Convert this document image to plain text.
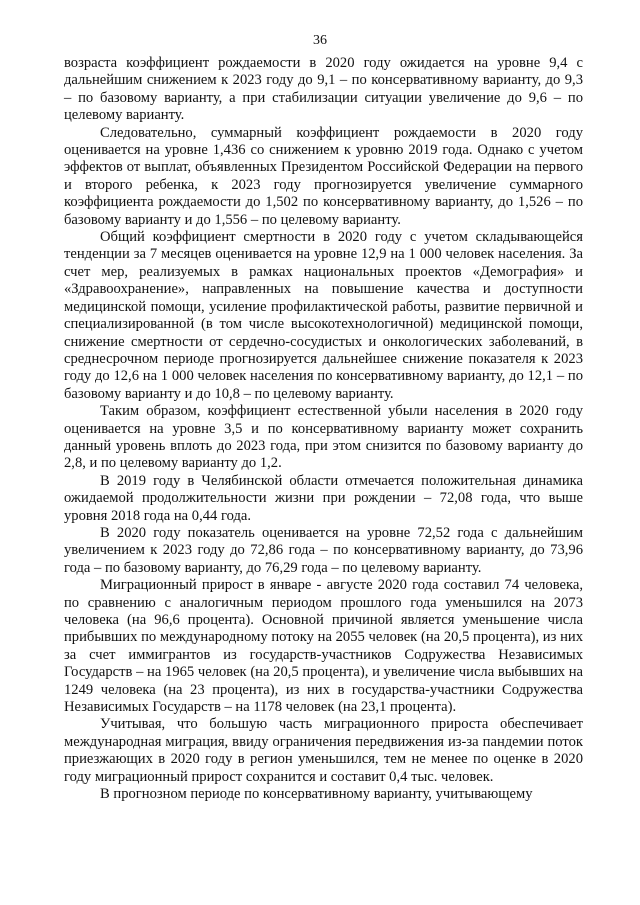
36

возраста коэффициент рождаемости в 2020 году ожидается на уровне 9,4 с дальнейшим снижением к 2023 году до 9,1 – по консервативному варианту, до 9,3 – по базовому варианту, а при стабилизации ситуации увеличение до 9,6 – по целевому варианту.

Следовательно, суммарный коэффициент рождаемости в 2020 году оценивается на уровне 1,436 со снижением к уровню 2019 года. Однако с учетом эффектов от выплат, объявленных Президентом Российской Федерации на первого и второго ребенка, к 2023 году прогнозируется увеличение суммарного коэффициента рождаемости до 1,502 по консервативному варианту, до 1,526 – по базовому варианту и до 1,556 – по целевому варианту.

Общий коэффициент смертности в 2020 году с учетом складывающейся тенденции за 7 месяцев оценивается на уровне 12,9 на 1 000 человек населения. За счет мер, реализуемых в рамках национальных проектов «Демография» и «Здравоохранение», направленных на повышение качества и доступности медицинской помощи, усиление профилактической работы, развитие первичной и специализированной (в том числе высокотехнологичной) медицинской помощи, снижение смертности от сердечно-сосудистых и онкологических заболеваний, в среднесрочном периоде прогнозируется дальнейшее снижение показателя к 2023 году до 12,6 на 1 000 человек населения по консервативному варианту, до 12,1 – по базовому варианту и до 10,8 – по целевому варианту.

Таким образом, коэффициент естественной убыли населения в 2020 году оценивается на уровне 3,5 и по консервативному варианту может сохранить данный уровень вплоть до 2023 года, при этом снизится по базовому варианту до 2,8, и по целевому варианту до 1,2.

В 2019 году в Челябинской области отмечается положительная динамика ожидаемой продолжительности жизни при рождении – 72,08 года, что выше уровня 2018 года на 0,44 года.

В 2020 году показатель оценивается на уровне 72,52 года с дальнейшим увеличением к 2023 году до 72,86 года – по консервативному варианту, до 73,96 года – по базовому варианту, до 76,29 года – по целевому варианту.

Миграционный прирост в январе - августе 2020 года составил 74 человека, по сравнению с аналогичным периодом прошлого года уменьшился на 2073 человека (на 96,6 процента). Основной причиной является уменьшение числа прибывших по международному потоку на 2055 человек (на 20,5 процента), из них за счет иммигрантов из государств-участников Содружества Независимых Государств – на 1965 человек (на 20,5 процента), и увеличение числа выбывших на 1249 человека (на 23 процента), из них в государства-участники Содружества Независимых Государств – на 1178 человек (на 23,1 процента).

Учитывая, что большую часть миграционного прироста обеспечивает международная миграция, ввиду ограничения передвижения из-за пандемии поток приезжающих в 2020 году в регион уменьшился, тем не менее по оценке в 2020 году миграционный прирост сохранится и составит 0,4 тыс. человек.

В прогнозном периоде по консервативному варианту, учитывающему
